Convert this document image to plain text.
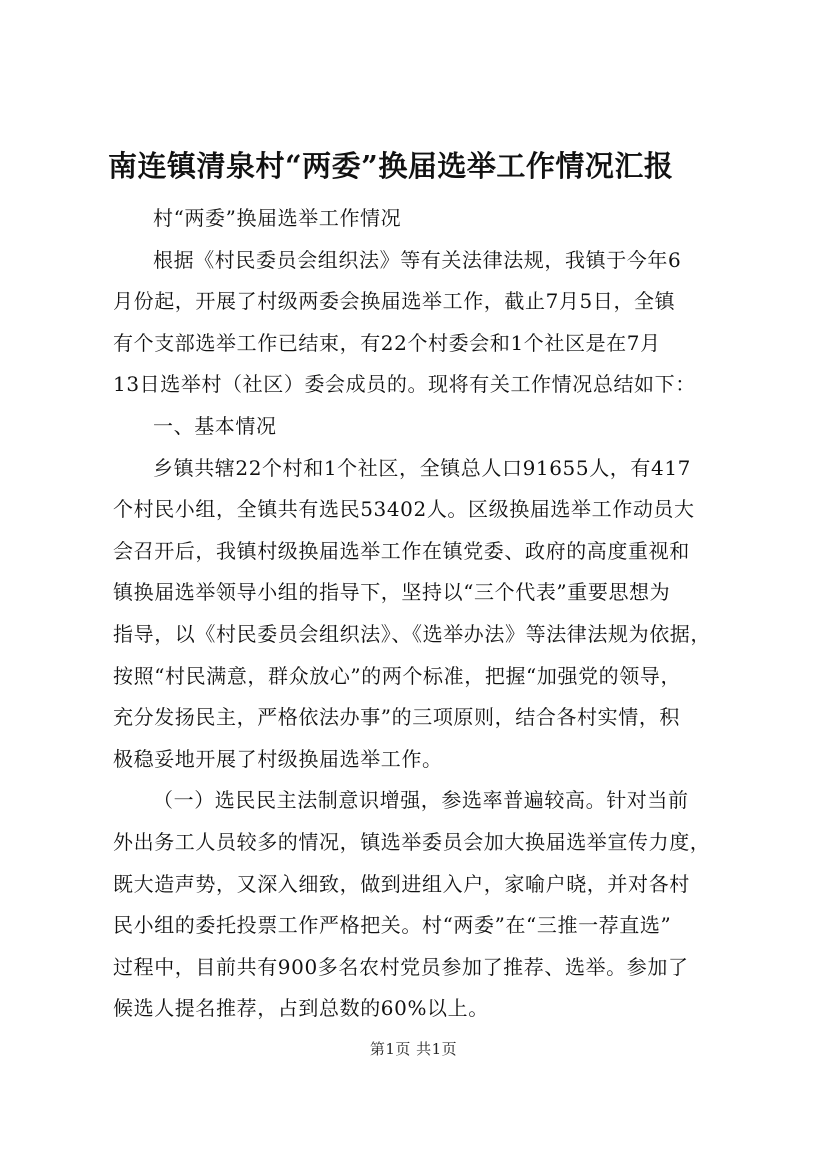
南连镇清泉村“两委”换届选举工作情况汇报

村“两委”换届选举工作情况

根据《村民委员会组织法》等有关法律法规，我镇于今年6

月份起，开展了村级两委会换届选举工作，截止7月5日，全镇

有个支部选举工作已结束，有22个村委会和1个社区是在7月

13日选举村（社区）委会成员的。现将有关工作情况总结如下：

一、基本情况

乡镇共辖22个村和1个社区，全镇总人口91655人，有417

个村民小组，全镇共有选民53402人。区级换届选举工作动员大

会召开后，我镇村级换届选举工作在镇党委、政府的高度重视和

镇换届选举领导小组的指导下，坚持以“三个代表”重要思想为

指导，以《村民委员会组织法》、《选举办法》等法律法规为依据，

按照“村民满意，群众放心”的两个标准，把握“加强党的领导，

充分发扬民主，严格依法办事”的三项原则，结合各村实情，积

极稳妥地开展了村级换届选举工作。

（一）选民民主法制意识增强，参选率普遍较高。针对当前

外出务工人员较多的情况，镇选举委员会加大换届选举宣传力度，

既大造声势，又深入细致，做到进组入户，家喻户晓，并对各村

民小组的委托投票工作严格把关。村“两委”在“三推一荐直选”

过程中，目前共有900多名农村党员参加了推荐、选举。参加了

候选人提名推荐，占到总数的60%以上。

第1页 共1页
